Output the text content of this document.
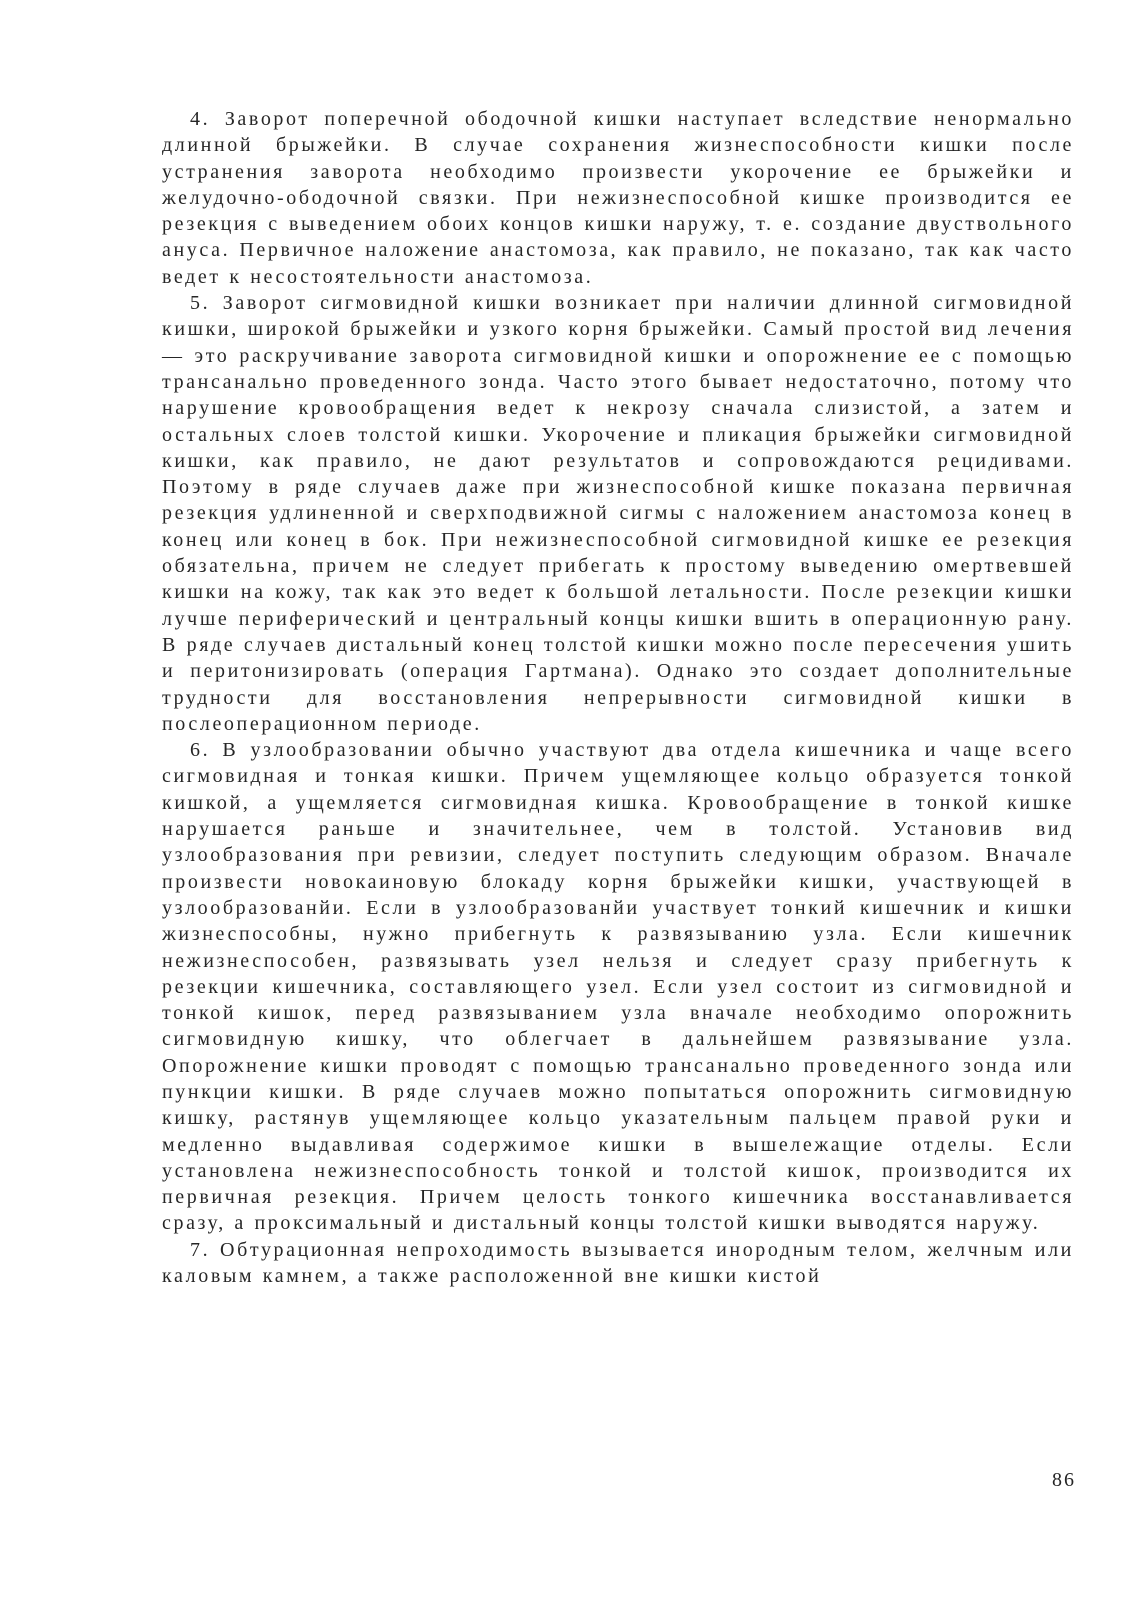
4. Заворот поперечной ободочной кишки наступает вследствие ненормально длинной брыжейки. В случае сохранения жизнеспособности кишки после устранения заворота необходимо произвести укорочение ее брыжейки и желудочно-ободочной связки. При нежизнеспособной кишке производится ее резекция с выведением обоих концов кишки наружу, т. е. создание двуствольного ануса. Первичное наложение анастомоза, как правило, не показано, так как часто ведет к несостоятельности анастомоза.

5. Заворот сигмовидной кишки возникает при наличии длинной сигмовидной кишки, широкой брыжейки и узкого корня брыжейки. Самый простой вид лечения — это раскручивание заворота сигмовидной кишки и опорожнение ее с помощью трансанально проведенного зонда. Часто этого бывает недостаточно, потому что нарушение кровообращения ведет к некрозу сначала слизистой, а затем и остальных слоев толстой кишки. Укорочение и пликация брыжейки сигмовидной кишки, как правило, не дают результатов и сопровождаются рецидивами. Поэтому в ряде случаев даже при жизнеспособной кишке показана первичная резекция удлиненной и сверхподвижной сигмы с наложением анастомоза конец в конец или конец в бок. При нежизнеспособной сигмовидной кишке ее резекция обязательна, причем не следует прибегать к простому выведению омертвевшей кишки на кожу, так как это ведет к большой летальности. После резекции кишки лучше периферический и центральный концы кишки вшить в операционную рану. В ряде случаев дистальный конец толстой кишки можно после пересечения ушить и перитонизировать (операция Гартмана). Однако это создает дополнительные трудности для восстановления непрерывности сигмовидной кишки в послеоперационном периоде.

6. В узлообразовании обычно участвуют два отдела кишечника и чаще всего сигмовидная и тонкая кишки. Причем ущемляющее кольцо образуется тонкой кишкой, а ущемляется сигмовидная кишка. Кровообращение в тонкой кишке нарушается раньше и значительнее, чем в толстой. Установив вид узлообразования при ревизии, следует поступить следующим образом. Вначале произвести новокаиновую блокаду корня брыжейки кишки, участвующей в узлообразованйи. Если в узлообразованйи участвует тонкий кишечник и кишки жизнеспособны, нужно прибегнуть к развязыванию узла. Если кишечник нежизнеспособен, развязывать узел нельзя и следует сразу прибегнуть к резекции кишечника, составляющего узел. Если узел состоит из сигмовидной и тонкой кишок, перед развязыванием узла вначале необходимо опорожнить сигмовидную кишку, что облегчает в дальнейшем развязывание узла. Опорожнение кишки проводят с помощью трансанально проведенного зонда или пункции кишки. В ряде случаев можно попытаться опорожнить сигмовидную кишку, растянув ущемляющее кольцо указательным пальцем правой руки и медленно выдавливая содержимое кишки в вышележащие отделы. Если установлена нежизнеспособность тонкой и толстой кишок, производится их первичная резекция. Причем целость тонкого кишечника восстанавливается сразу, а проксимальный и дистальный концы толстой кишки выводятся наружу.

7. Обтурационная непроходимость вызывается инородным телом, желчным или каловым камнем, а также расположенной вне кишки кистой

86
